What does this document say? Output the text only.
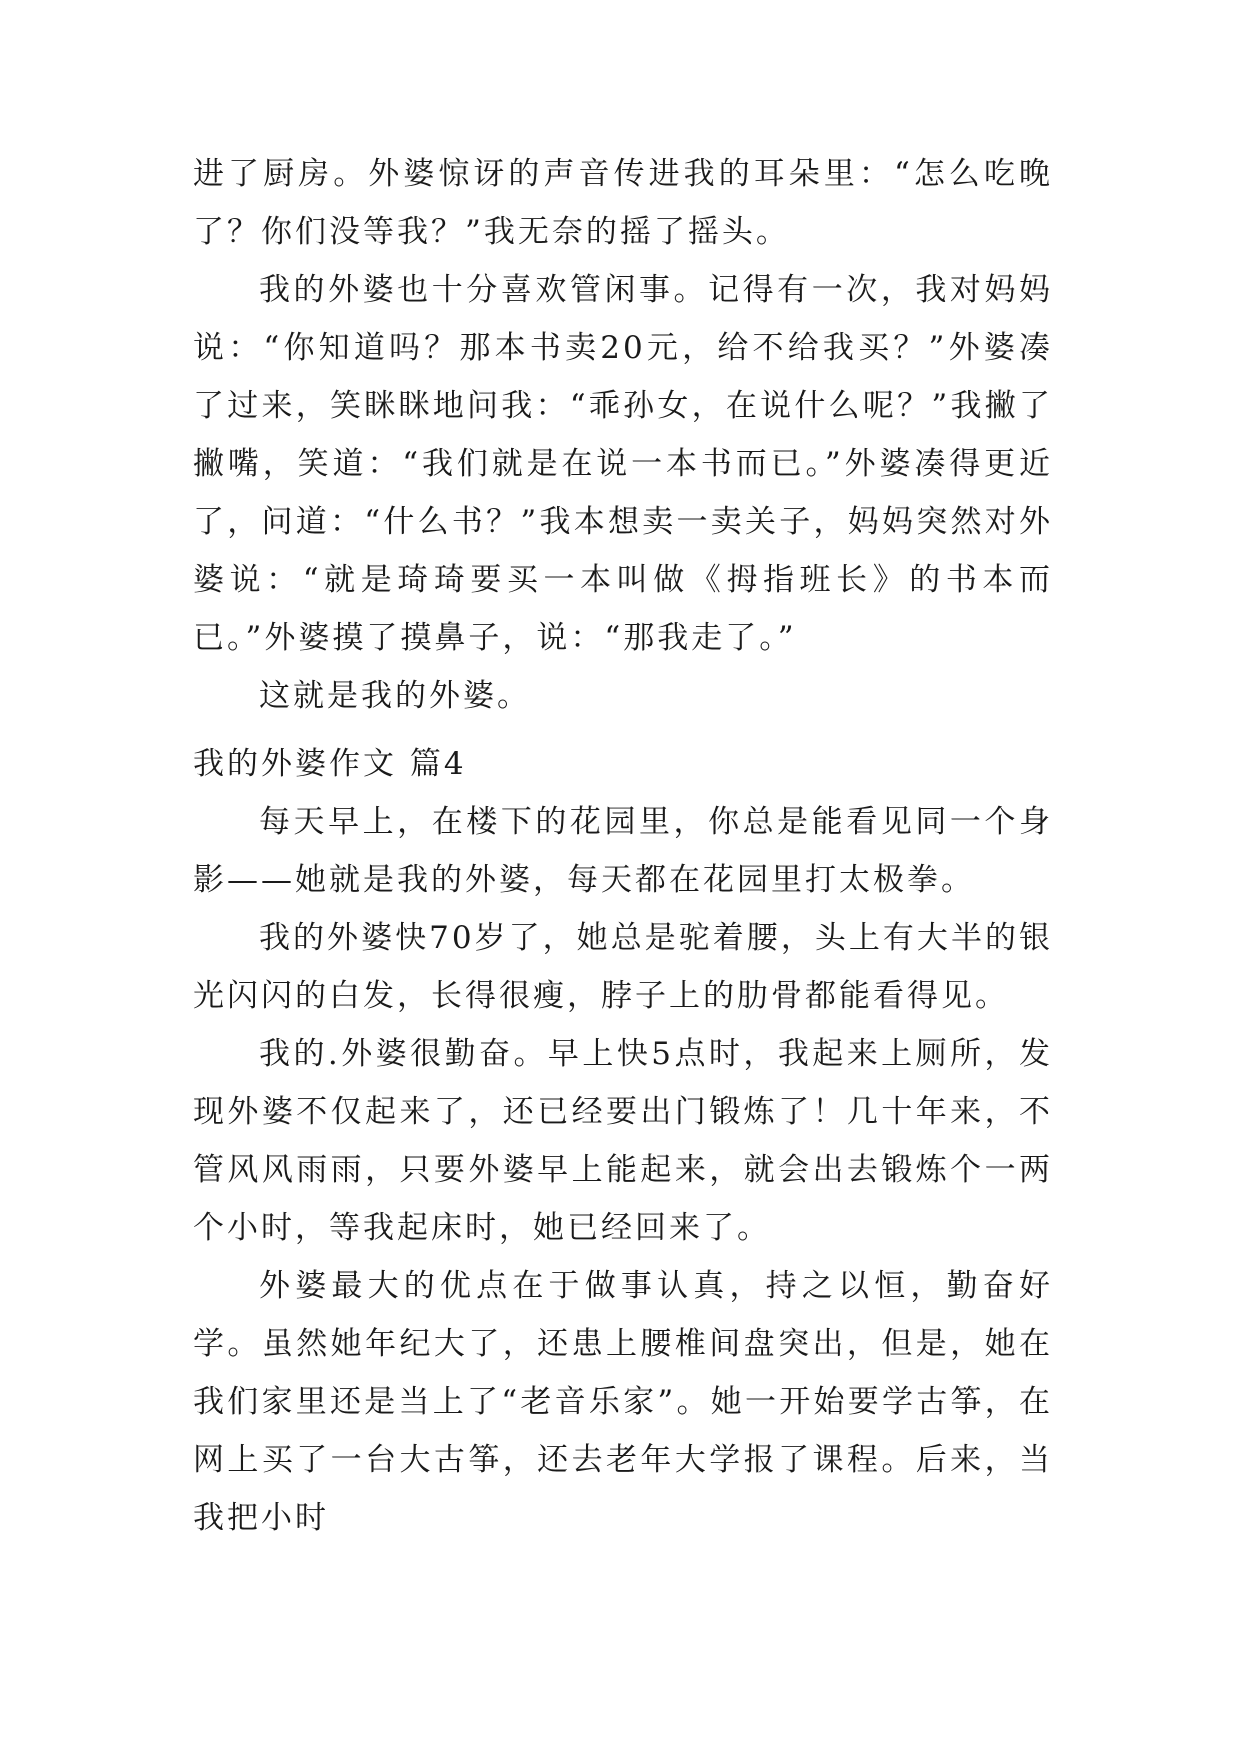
进了厨房。外婆惊讶的声音传进我的耳朵里：“怎么吃晚了？你们没等我？”我无奈的摇了摇头。

我的外婆也十分喜欢管闲事。记得有一次，我对妈妈说：“你知道吗？那本书卖20元，给不给我买？”外婆凑了过来，笑眯眯地问我：“乖孙女，在说什么呢？”我撇了撇嘴，笑道：“我们就是在说一本书而已。”外婆凑得更近了，问道：“什么书？”我本想卖一卖关子，妈妈突然对外婆说：“就是琦琦要买一本叫做《拇指班长》的书本而已。”外婆摸了摸鼻子，说：“那我走了。”

这就是我的外婆。

我的外婆作文 篇4

每天早上，在楼下的花园里，你总是能看见同一个身影——她就是我的外婆，每天都在花园里打太极拳。

我的外婆快70岁了，她总是驼着腰，头上有大半的银光闪闪的白发，长得很瘦，脖子上的肋骨都能看得见。

我的.外婆很勤奋。早上快5点时，我起来上厕所，发现外婆不仅起来了，还已经要出门锻炼了！几十年来，不管风风雨雨，只要外婆早上能起来，就会出去锻炼个一两个小时，等我起床时，她已经回来了。

外婆最大的优点在于做事认真，持之以恒，勤奋好学。虽然她年纪大了，还患上腰椎间盘突出，但是，她在我们家里还是当上了“老音乐家”。她一开始要学古筝，在网上买了一台大古筝，还去老年大学报了课程。后来，当我把小时
